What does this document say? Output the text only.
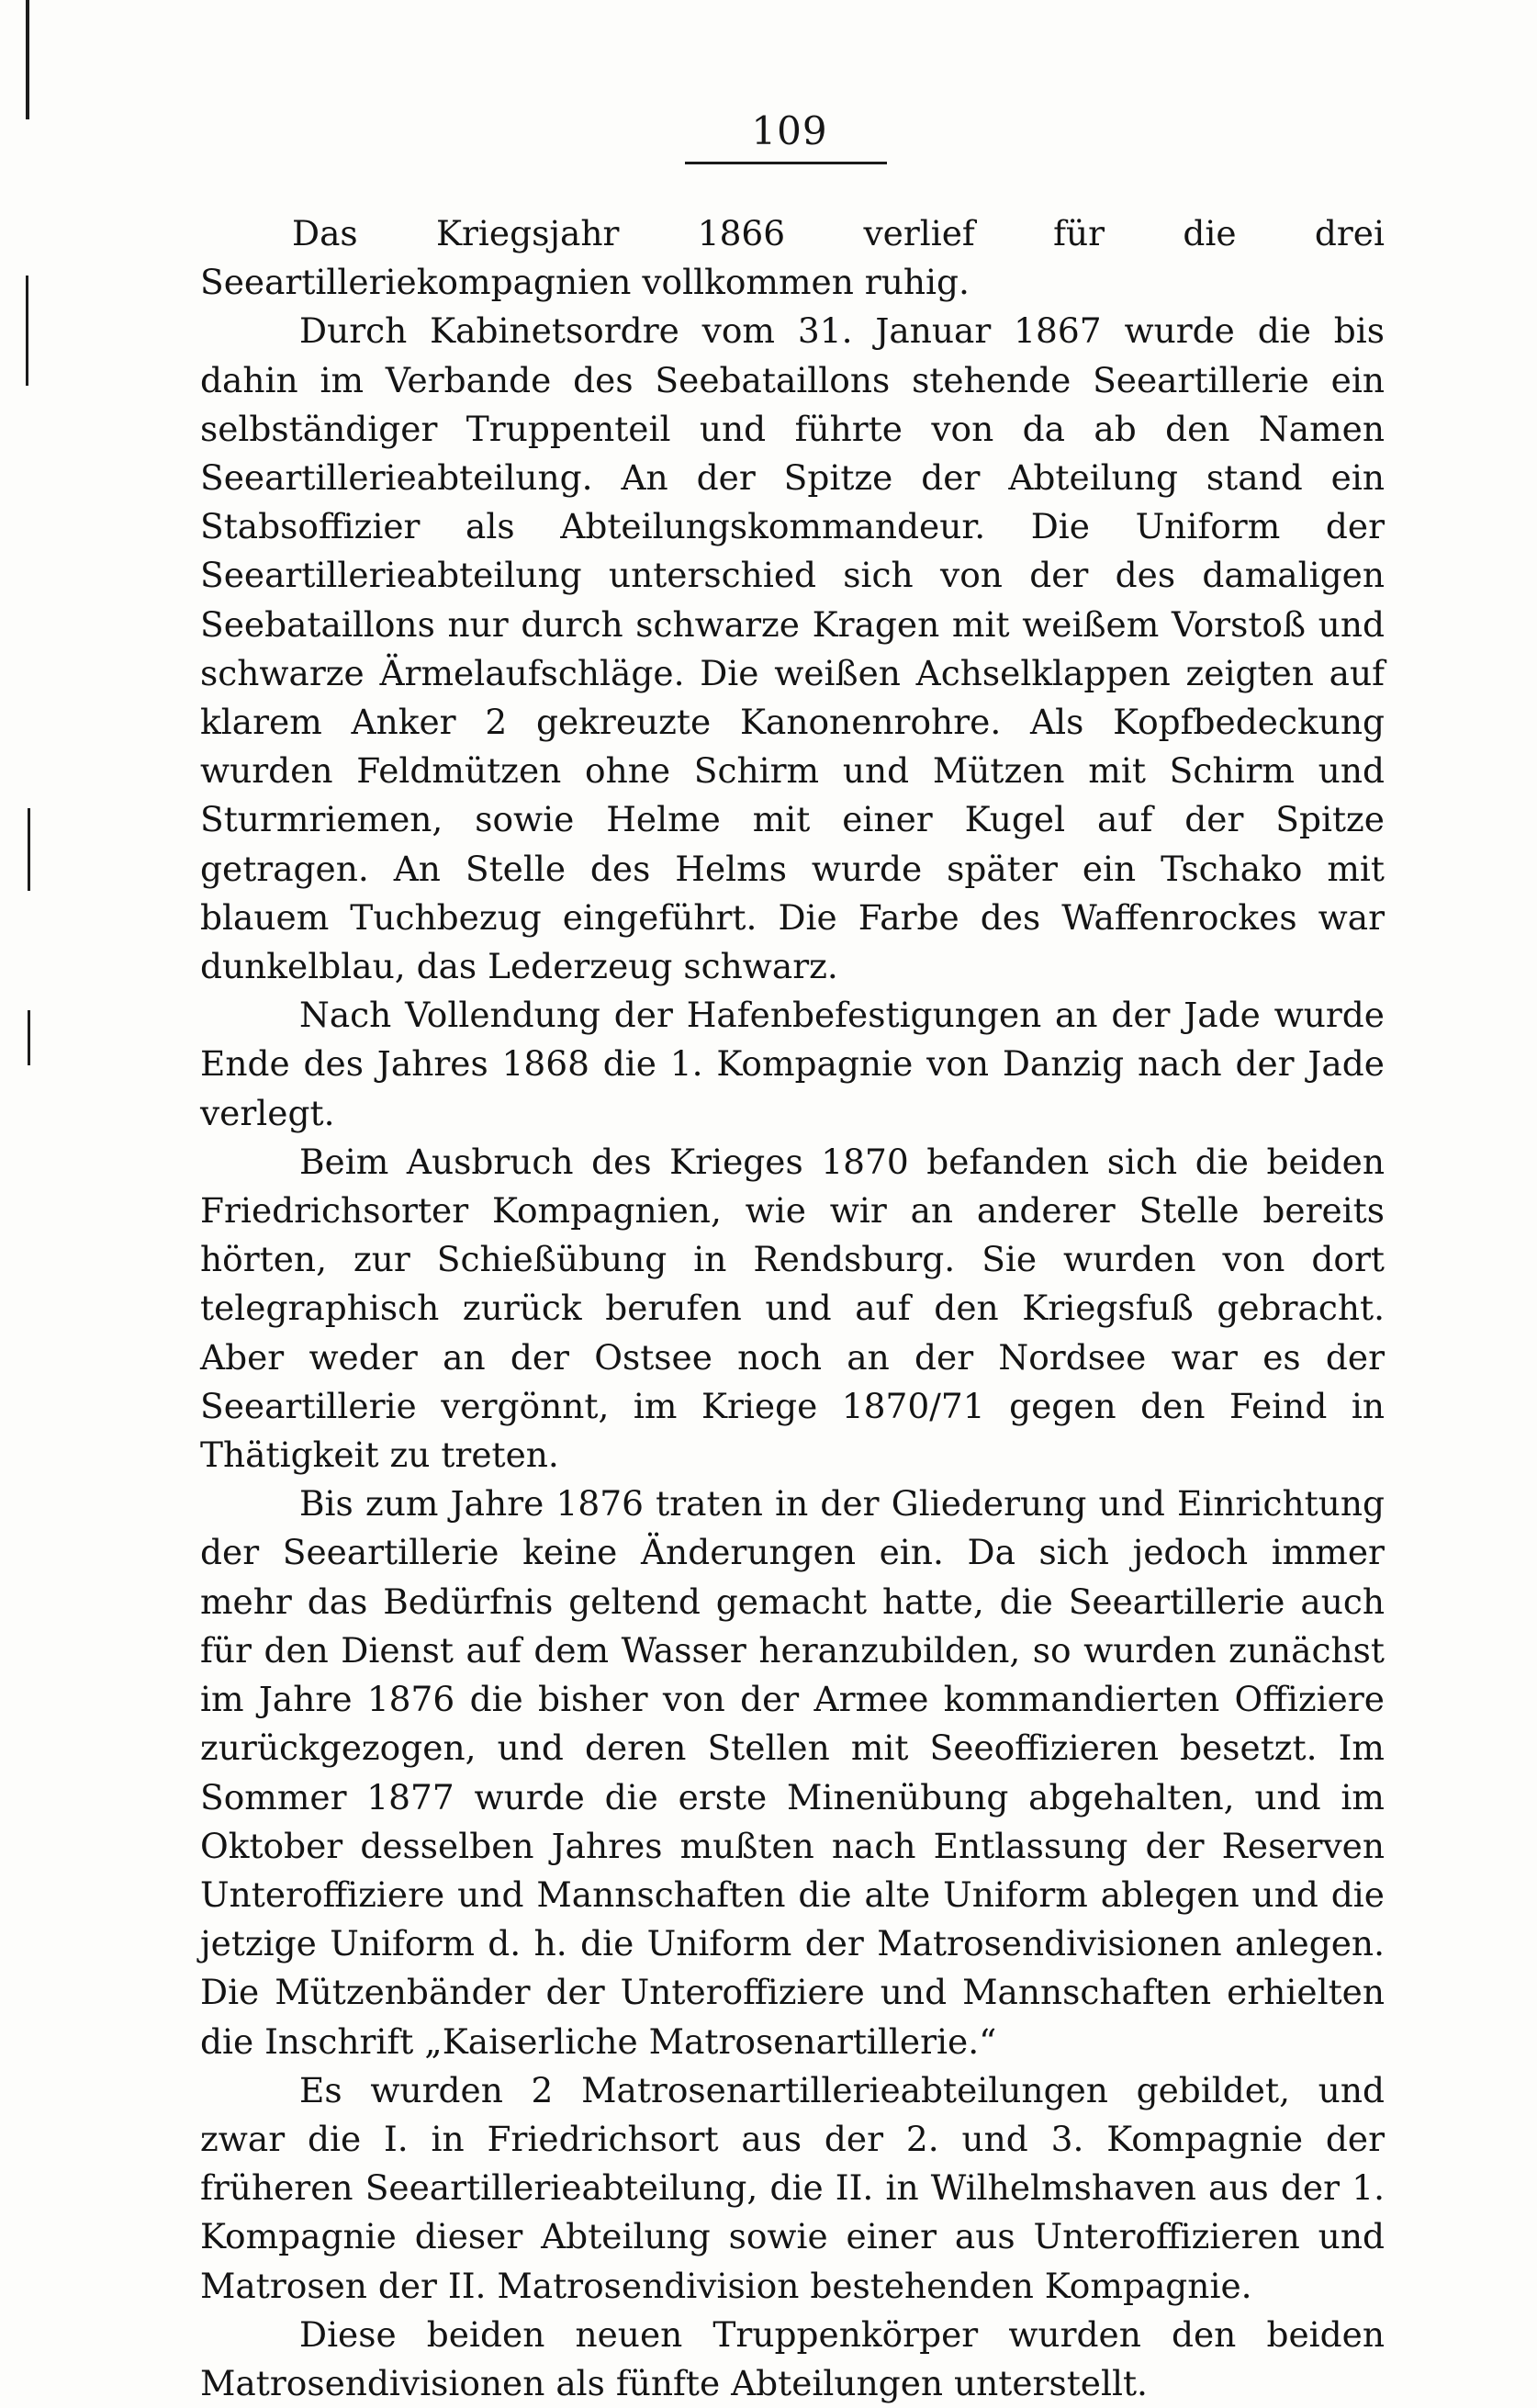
109

Das Kriegsjahr 1866 verlief für die drei Seeartilleriekompagnien vollkommen ruhig.

Durch Kabinetsordre vom 31. Januar 1867 wurde die bis dahin im Verbande des Seebataillons stehende Seeartillerie ein selbständiger Truppenteil und führte von da ab den Namen Seeartillerieabteilung. An der Spitze der Abteilung stand ein Stabsoffizier als Abteilungskommandeur. Die Uniform der Seeartillerieabteilung unterschied sich von der des damaligen Seebataillons nur durch schwarze Kragen mit weißem Vorstoß und schwarze Ärmelaufschläge. Die weißen Achselklappen zeigten auf klarem Anker 2 gekreuzte Kanonenrohre. Als Kopfbedeckung wurden Feldmützen ohne Schirm und Mützen mit Schirm und Sturmriemen, sowie Helme mit einer Kugel auf der Spitze getragen. An Stelle des Helms wurde später ein Tschako mit blauem Tuchbezug eingeführt. Die Farbe des Waffenrockes war dunkelblau, das Lederzeug schwarz.

Nach Vollendung der Hafenbefestigungen an der Jade wurde Ende des Jahres 1868 die 1. Kompagnie von Danzig nach der Jade verlegt.

Beim Ausbruch des Krieges 1870 befanden sich die beiden Friedrichsorter Kompagnien, wie wir an anderer Stelle bereits hörten, zur Schießübung in Rendsburg. Sie wurden von dort telegraphisch zurück berufen und auf den Kriegsfuß gebracht. Aber weder an der Ostsee noch an der Nordsee war es der Seeartillerie vergönnt, im Kriege 1870/71 gegen den Feind in Thätigkeit zu treten.

Bis zum Jahre 1876 traten in der Gliederung und Einrichtung der Seeartillerie keine Änderungen ein. Da sich jedoch immer mehr das Bedürfnis geltend gemacht hatte, die Seeartillerie auch für den Dienst auf dem Wasser heranzubilden, so wurden zunächst im Jahre 1876 die bisher von der Armee kommandierten Offiziere zurückgezogen, und deren Stellen mit Seeoffizieren besetzt. Im Sommer 1877 wurde die erste Minenübung abgehalten, und im Oktober desselben Jahres mußten nach Entlassung der Reserven Unteroffiziere und Mannschaften die alte Uniform ablegen und die jetzige Uniform d. h. die Uniform der Matrosendivisionen anlegen. Die Mützenbänder der Unteroffiziere und Mannschaften erhielten die Inschrift „Kaiserliche Matrosenartillerie.“

Es wurden 2 Matrosenartillerieabteilungen gebildet, und zwar die I. in Friedrichsort aus der 2. und 3. Kompagnie der früheren Seeartillerieabteilung, die II. in Wilhelmshaven aus der 1. Kompagnie dieser Abteilung sowie einer aus Unteroffizieren und Matrosen der II. Matrosendivision bestehenden Kompagnie.

Diese beiden neuen Truppenkörper wurden den beiden Matrosendivisionen als fünfte Abteilungen unterstellt.
